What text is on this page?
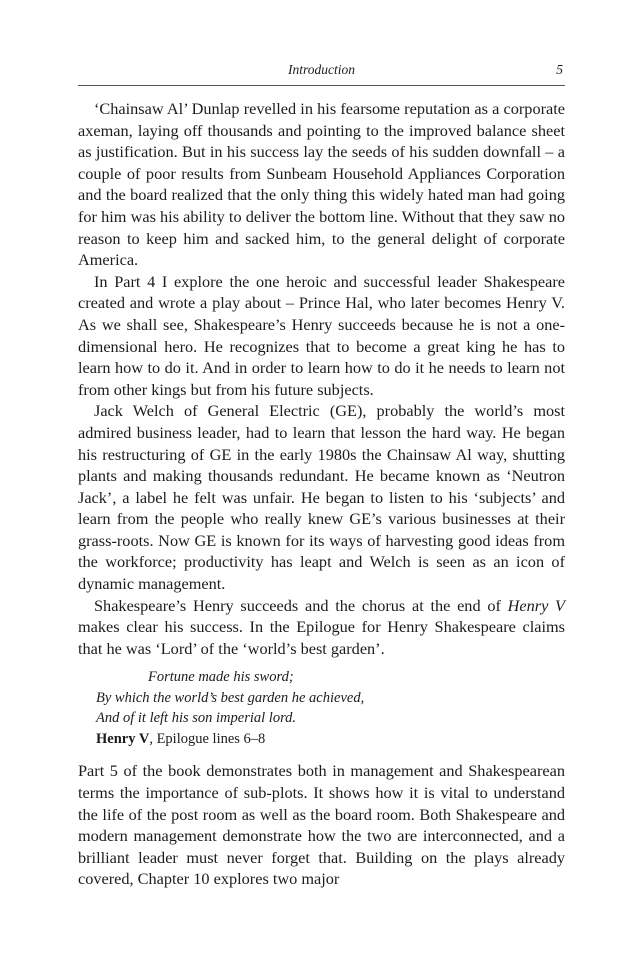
Introduction	5

‘Chainsaw Al’ Dunlap revelled in his fearsome reputation as a corporate axeman, laying off thousands and pointing to the improved balance sheet as justification. But in his success lay the seeds of his sudden downfall – a couple of poor results from Sunbeam Household Appliances Corporation and the board realized that the only thing this widely hated man had going for him was his ability to deliver the bottom line. Without that they saw no reason to keep him and sacked him, to the general delight of corporate America.

In Part 4 I explore the one heroic and successful leader Shakespeare created and wrote a play about – Prince Hal, who later becomes Henry V. As we shall see, Shakespeare’s Henry succeeds because he is not a one-dimensional hero. He recognizes that to become a great king he has to learn how to do it. And in order to learn how to do it he needs to learn not from other kings but from his future subjects.

Jack Welch of General Electric (GE), probably the world’s most admired business leader, had to learn that lesson the hard way. He began his restructuring of GE in the early 1980s the Chainsaw Al way, shutting plants and making thousands redundant. He became known as ‘Neutron Jack’, a label he felt was unfair. He began to listen to his ‘subjects’ and learn from the people who really knew GE’s various businesses at their grass-roots. Now GE is known for its ways of harvesting good ideas from the workforce; productivity has leapt and Welch is seen as an icon of dynamic management.

Shakespeare’s Henry succeeds and the chorus at the end of Henry V makes clear his success. In the Epilogue for Henry Shakespeare claims that he was ‘Lord’ of the ‘world’s best garden’.

Fortune made his sword;
By which the world’s best garden he achieved,
And of it left his son imperial lord.
Henry V, Epilogue lines 6–8

Part 5 of the book demonstrates both in management and Shakespearean terms the importance of sub-plots. It shows how it is vital to understand the life of the post room as well as the board room. Both Shakespeare and modern management demonstrate how the two are interconnected, and a brilliant leader must never forget that. Building on the plays already covered, Chapter 10 explores two major
